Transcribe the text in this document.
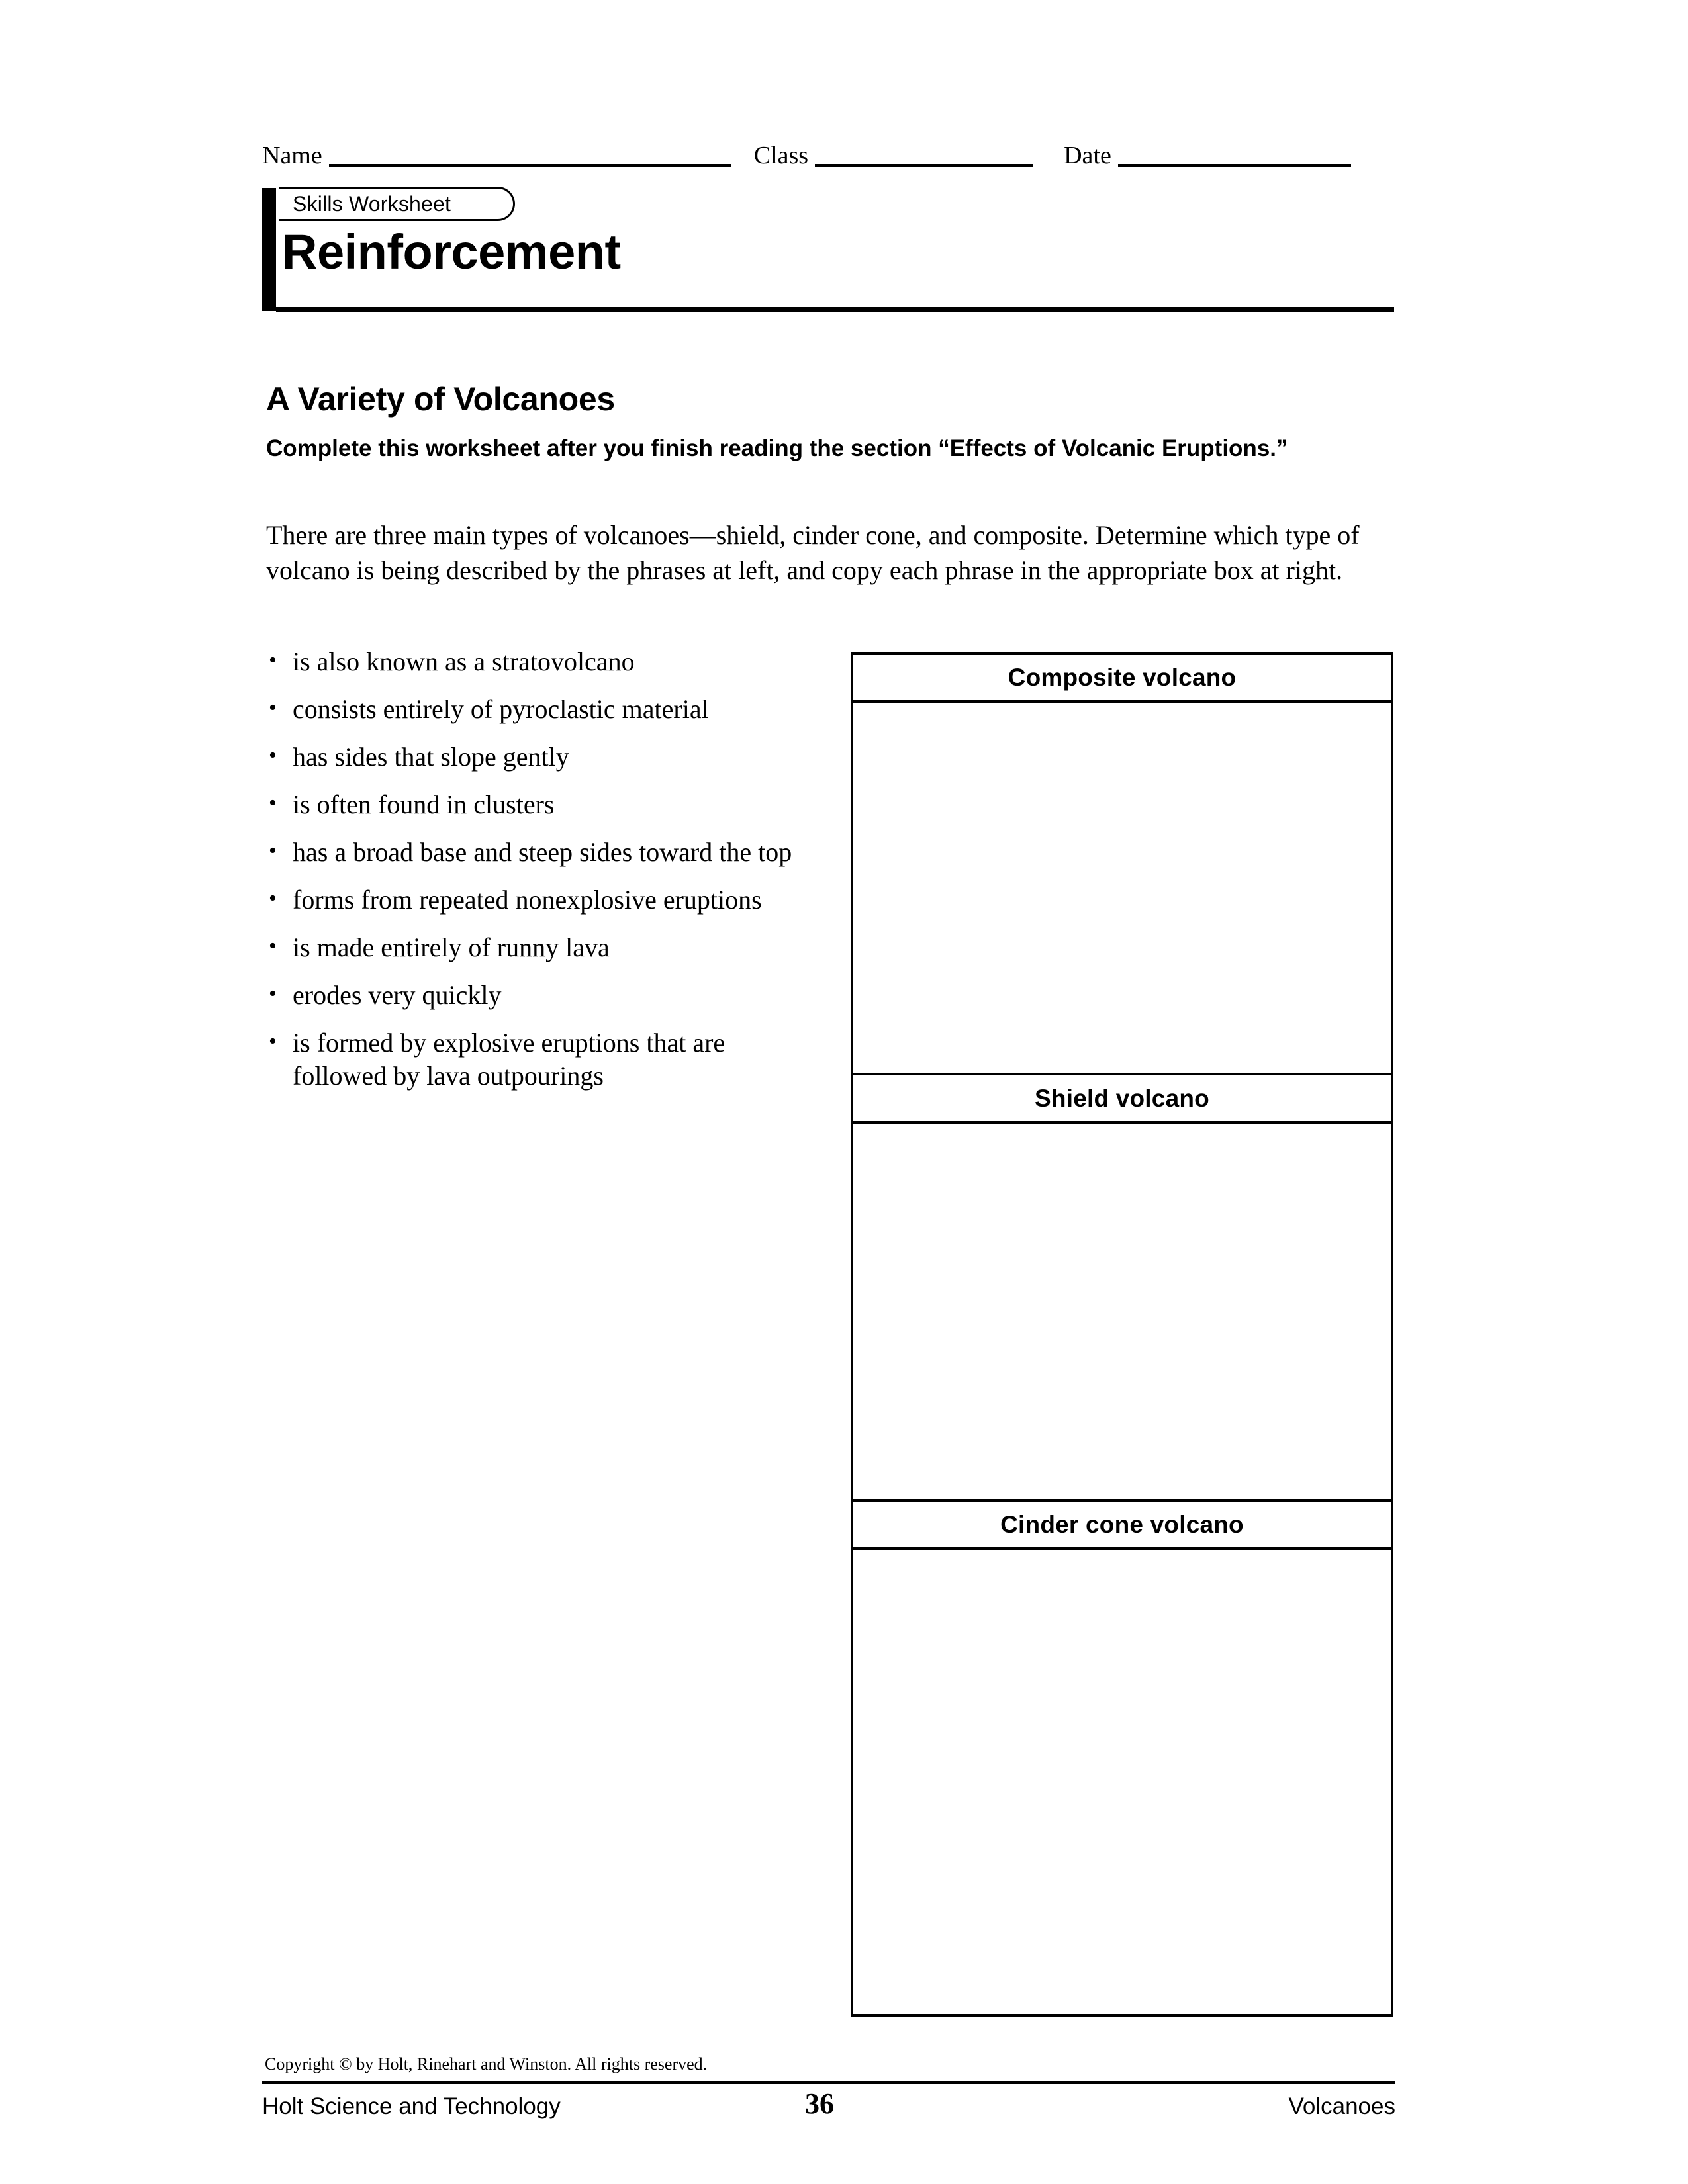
Name	Class	Date
Skills Worksheet
Reinforcement
A Variety of Volcanoes
Complete this worksheet after you finish reading the section “Effects of Volcanic Eruptions.”
There are three main types of volcanoes—shield, cinder cone, and composite. Determine which type of volcano is being described by the phrases at left, and copy each phrase in the appropriate box at right.
• is also known as a stratovolcano
• consists entirely of pyroclastic material
• has sides that slope gently
• is often found in clusters
• has a broad base and steep sides toward the top
• forms from repeated nonexplosive eruptions
• is made entirely of runny lava
• erodes very quickly
• is formed by explosive eruptions that are followed by lava outpourings
Composite volcano
Shield volcano
Cinder cone volcano
Copyright © by Holt, Rinehart and Winston. All rights reserved.
Holt Science and Technology	36	Volcanoes
